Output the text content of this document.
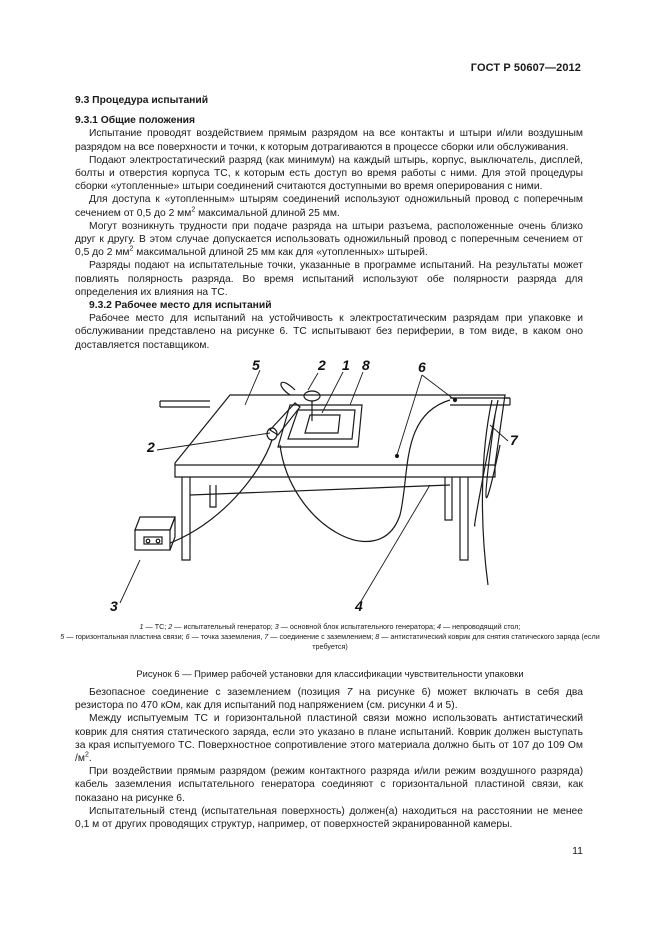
ГОСТ Р 50607—2012

9.3 Процедура испытаний

9.3.1 Общие положения

Испытание проводят воздействием прямым разрядом на все контакты и штыри и/или воздушным разрядом на все поверхности и точки, к которым дотрагиваются в процессе сборки или обслуживания.

Подают электростатический разряд (как минимум) на каждый штырь, корпус, выключатель, дисплей, болты и отверстия корпуса ТС, к которым есть доступ во время работы с ними. Для этой процедуры сборки «утопленные» штыри соединений считаются доступными во время оперирования с ними.

Для доступа к «утопленным» штырям соединений используют одножильный провод с поперечным сечением от 0,5 до 2 $мм^2$ максимальной длиной 25 мм.

Могут возникнуть трудности при подаче разряда на штыри разъема, расположенные очень близко друг к другу. В этом случае допускается использовать одножильный провод с поперечным сечением от 0,5 до 2 $мм^2$ максимальной длиной 25 мм как для «утопленных» штырей.

Разряды подают на испытательные точки, указанные в программе испытаний. На результаты может повлиять полярность разряда. Во время испытаний используют обе полярности разряда для определения их влияния на ТС.

9.3.2 Рабочее место для испытаний

Рабочее место для испытаний на устойчивость к электростатическим разрядам при упаковке и обслуживании представлено на рисунке 6. ТС испытывают без периферии, в том виде, в каком оно доставляется поставщиком.

5	2 1 8	6
2	7
3	4
1 — ТС; 2 — испытательный генератор; 3 — основной блок испытательного генератора; 4 — непроводящий стол;
5 — горизонтальная пластина связи; 6 — точка заземления, 7 — соединение с заземлением; 8 — антистатический коврик для снятия статического заряда (если требуется)
Рисунок 6 — Пример рабочей установки для классификации чувствительности упаковки

Безопасное соединение с заземлением (позиция 7 на рисунке 6) может включать в себя два резистора по 470 кОм, как для испытаний под напряжением (см. рисунки 4 и 5).

Между испытуемым ТС и горизонтальной пластиной связи можно использовать антистатический коврик для снятия статического заряда, если это указано в плане испытаний. Коврик должен выступать за края испытуемого ТС. Поверхностное сопротивление этого материала должно быть от 107 до 109 Ом $/м^2$.

При воздействии прямым разрядом (режим контактного разряда и/или режим воздушного разряда) кабель заземления испытательного генератора соединяют с горизонтальной пластиной связи, как показано на рисунке 6.

Испытательный стенд (испытательная поверхность) должен(а) находиться на расстоянии не менее 0,1 м от других проводящих структур, например, от поверхностей экранированной камеры.

11
